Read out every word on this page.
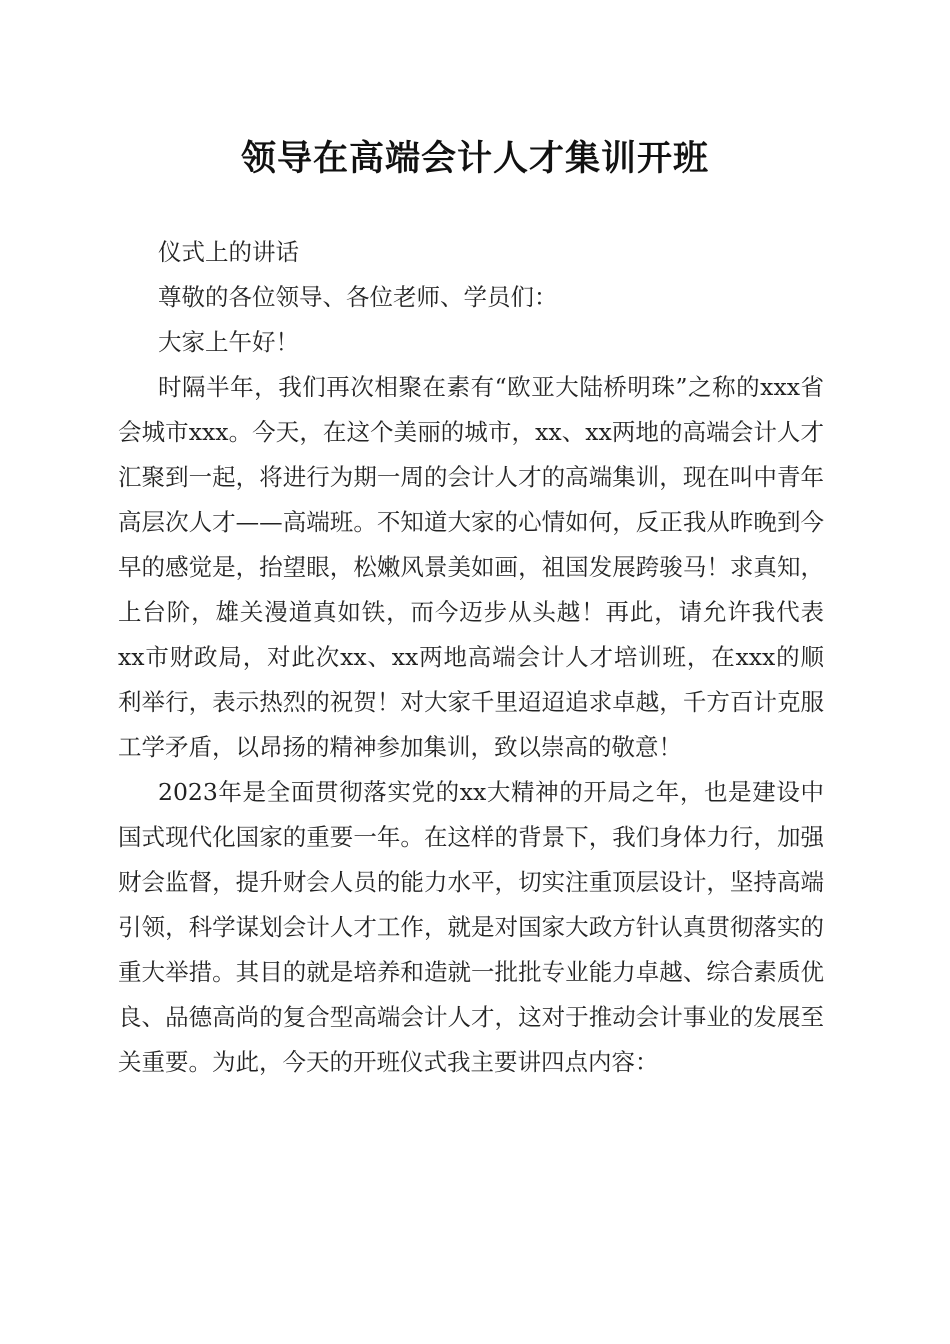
领导在高端会计人才集训开班

仪式上的讲话

尊敬的各位领导、各位老师、学员们：

大家上午好！

时隔半年，我们再次相聚在素有“欧亚大陆桥明珠”之称的xxx省会城市xxx。今天，在这个美丽的城市，xx、xx两地的高端会计人才汇聚到一起，将进行为期一周的会计人才的高端集训，现在叫中青年高层次人才——高端班。不知道大家的心情如何，反正我从昨晚到今早的感觉是，抬望眼，松嫩风景美如画，祖国发展跨骏马！求真知，上台阶，雄关漫道真如铁，而今迈步从头越！再此，请允许我代表xx市财政局，对此次xx、xx两地高端会计人才培训班，在xxx的顺利举行，表示热烈的祝贺！对大家千里迢迢追求卓越，千方百计克服工学矛盾，以昂扬的精神参加集训，致以崇高的敬意！

2023年是全面贯彻落实党的xx大精神的开局之年，也是建设中国式现代化国家的重要一年。在这样的背景下，我们身体力行，加强财会监督，提升财会人员的能力水平，切实注重顶层设计，坚持高端引领，科学谋划会计人才工作，就是对国家大政方针认真贯彻落实的重大举措。其目的就是培养和造就一批批专业能力卓越、综合素质优良、品德高尚的复合型高端会计人才，这对于推动会计事业的发展至关重要。为此，今天的开班仪式我主要讲四点内容：
